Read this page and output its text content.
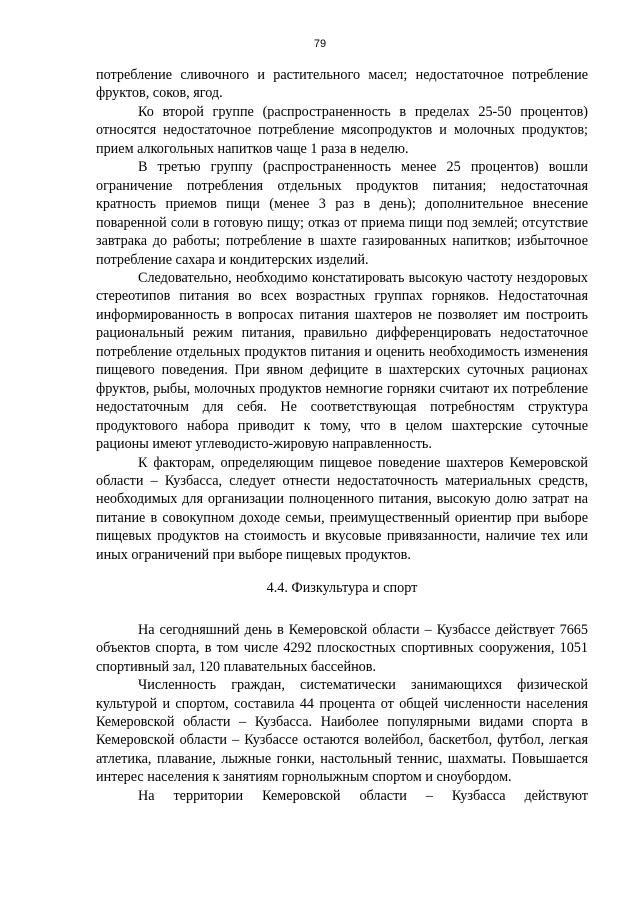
79

потребление сливочного и растительного масел; недостаточное потребление фруктов, соков, ягод.

Ко второй группе (распространенность в пределах 25-50 процентов) относятся недостаточное потребление мясопродуктов и молочных продуктов; прием алкогольных напитков чаще 1 раза в неделю.

В третью группу (распространенность менее 25 процентов) вошли ограничение потребления отдельных продуктов питания; недостаточная кратность приемов пищи (менее 3 раз в день); дополнительное внесение поваренной соли в готовую пищу; отказ от приема пищи под землей; отсутствие завтрака до работы; потребление в шахте газированных напитков; избыточное потребление сахара и кондитерских изделий.

Следовательно, необходимо констатировать высокую частоту нездоровых стереотипов питания во всех возрастных группах горняков. Недостаточная информированность в вопросах питания шахтеров не позволяет им построить рациональный режим питания, правильно дифференцировать недостаточное потребление отдельных продуктов питания и оценить необходимость изменения пищевого поведения. При явном дефиците в шахтерских суточных рационах фруктов, рыбы, молочных продуктов немногие горняки считают их потребление недостаточным для себя. Не соответствующая потребностям структура продуктового набора приводит к тому, что в целом шахтерские суточные рационы имеют углеводисто-жировую направленность.

К факторам, определяющим пищевое поведение шахтеров Кемеровской области – Кузбасса, следует отнести недостаточность материальных средств, необходимых для организации полноценного питания, высокую долю затрат на питание в совокупном доходе семьи, преимущественный ориентир при выборе пищевых продуктов на стоимость и вкусовые привязанности, наличие тех или иных ограничений при выборе пищевых продуктов.

4.4. Физкультура и спорт

На сегодняшний день в Кемеровской области – Кузбассе действует 7665 объектов спорта, в том числе 4292 плоскостных спортивных сооружения, 1051 спортивный зал, 120 плавательных бассейнов.

Численность граждан, систематически занимающихся физической культурой и спортом, составила 44 процента от общей численности населения Кемеровской области – Кузбасса. Наиболее популярными видами спорта в Кемеровской области – Кузбассе остаются волейбол, баскетбол, футбол, легкая атлетика, плавание, лыжные гонки, настольный теннис, шахматы. Повышается интерес населения к занятиям горнолыжным спортом и сноубордом.

На территории Кемеровской области – Кузбасса действуют
